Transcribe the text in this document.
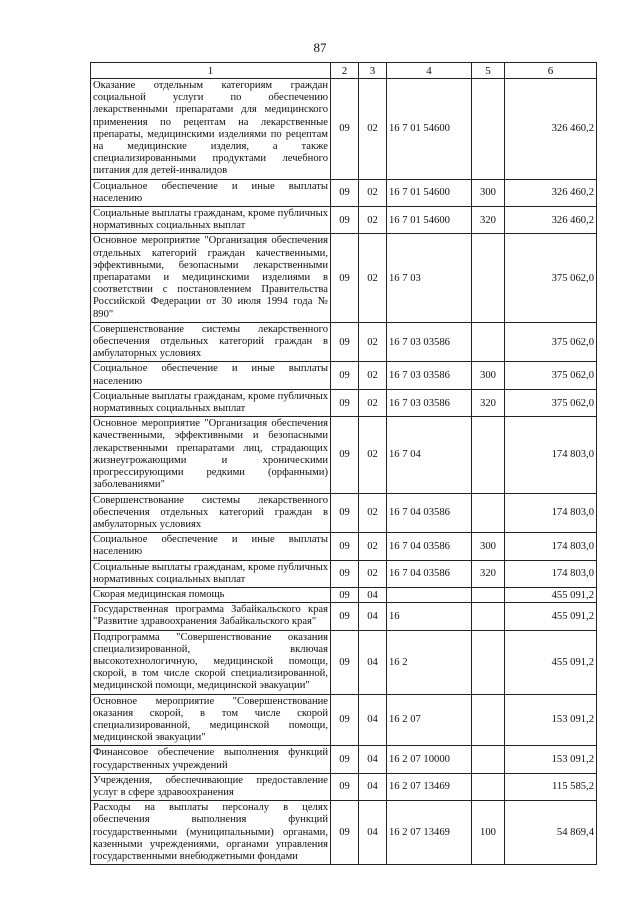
87
1	2	3	4	5	6
Оказание отдельным категориям граждан социальной услуги по обеспечению лекарственными препаратами для медицинского применения по рецептам на лекарственные препараты, медицинскими изделиями по рецептам на медицинские изделия, а также специализированными продуктами лечебного питания для детей-инвалидов	09	02	16 7 01 54600		326 460,2
Социальное обеспечение и иные выплаты населению	09	02	16 7 01 54600	300	326 460,2
Социальные выплаты гражданам, кроме публичных нормативных социальных выплат	09	02	16 7 01 54600	320	326 460,2
Основное мероприятие "Организация обеспечения отдельных категорий граждан качественными, эффективными, безопасными лекарственными препаратами и медицинскими изделиями в соответствии с постановлением Правительства Российской Федерации от 30 июля 1994 года № 890"	09	02	16 7 03		375 062,0
Совершенствование системы лекарственного обеспечения отдельных категорий граждан в амбулаторных условиях	09	02	16 7 03 03586		375 062,0
Социальное обеспечение и иные выплаты населению	09	02	16 7 03 03586	300	375 062,0
Социальные выплаты гражданам, кроме публичных нормативных социальных выплат	09	02	16 7 03 03586	320	375 062,0
Основное мероприятие "Организация обеспечения качественными, эффективными и безопасными лекарственными препаратами лиц, страдающих жизнеугрожающими и хроническими прогрессирующими редкими (орфанными) заболеваниями"	09	02	16 7 04		174 803,0
Совершенствование системы лекарственного обеспечения отдельных категорий граждан в амбулаторных условиях	09	02	16 7 04 03586		174 803,0
Социальное обеспечение и иные выплаты населению	09	02	16 7 04 03586	300	174 803,0
Социальные выплаты гражданам, кроме публичных нормативных социальных выплат	09	02	16 7 04 03586	320	174 803,0
Скорая медицинская помощь	09	04			455 091,2
Государственная программа Забайкальского края "Развитие здравоохранения Забайкальского края"	09	04	16		455 091,2
Подпрограмма "Совершенствование оказания специализированной, включая высокотехнологичную, медицинской помощи, скорой, в том числе скорой специализированной, медицинской помощи, медицинской эвакуации"	09	04	16 2		455 091,2
Основное мероприятие "Совершенствование оказания скорой, в том числе скорой специализированной, медицинской помощи, медицинской эвакуации"	09	04	16 2 07		153 091,2
Финансовое обеспечение выполнения функций государственных учреждений	09	04	16 2 07 10000		153 091,2
Учреждения, обеспечивающие предоставление услуг в сфере здравоохранения	09	04	16 2 07 13469		115 585,2
Расходы на выплаты персоналу в целях обеспечения выполнения функций государственными (муниципальными) органами, казенными учреждениями, органами управления государственными внебюджетными фондами	09	04	16 2 07 13469	100	54 869,4
